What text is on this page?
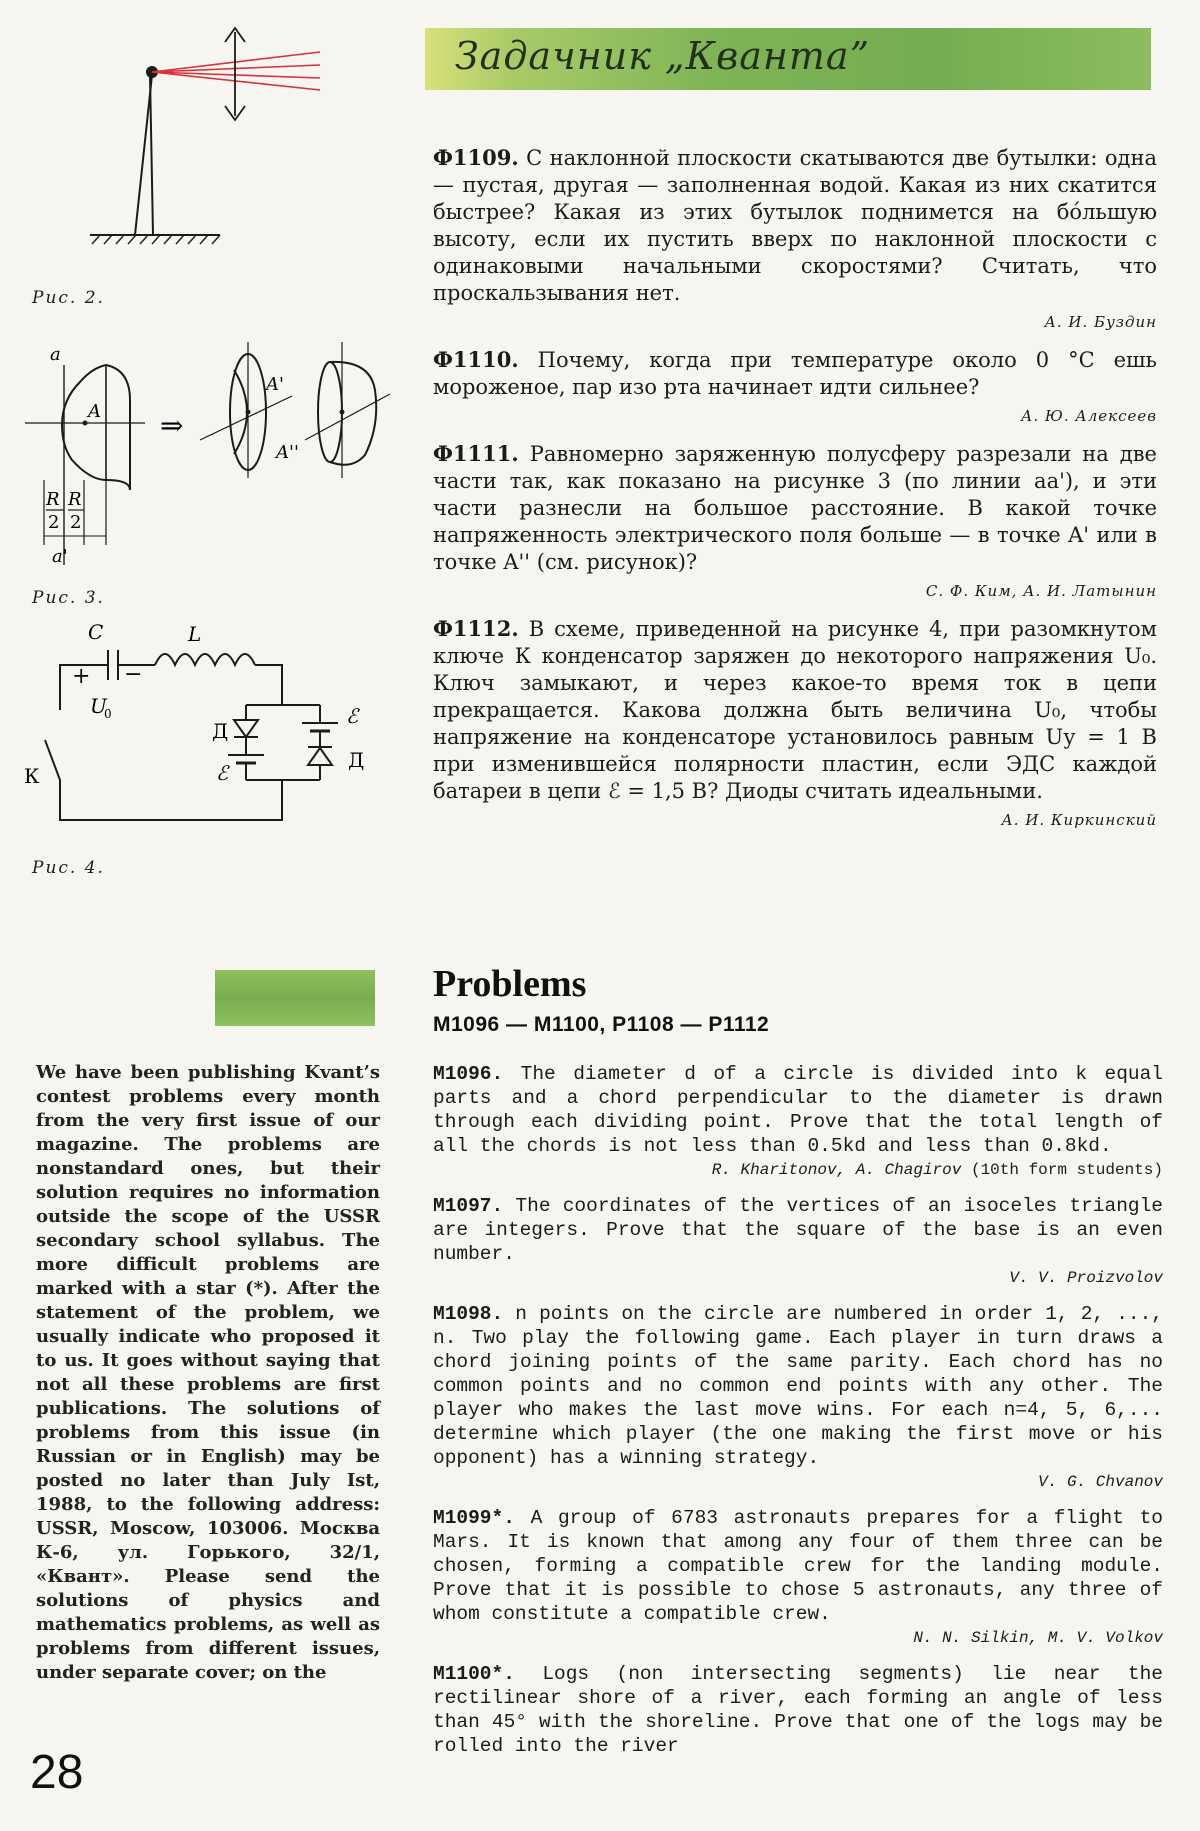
Рис. 2.
a
A
R
2
R
2
a'
⇒
A'
A''
Рис. 3.
C	L
+ −
U
0
Д
ℰ
ℰ
Д
К
Рис. 4.
Задачник „Кванта”
Ф1109. С наклонной плоскости скатываются две бутылки: одна — пустая, другая — заполненная водой. Какая из них скатится быстрее? Какая из этих бутылок поднимется на бо́льшую высоту, если их пустить вверх по наклонной плоскости с одинаковыми начальными скоростями? Считать, что проскальзывания нет.
А. И. Буздин
Ф1110. Почему, когда при температуре около 0 °C ешь мороженое, пар изо рта начинает идти сильнее?
А. Ю. Алексеев
Ф1111. Равномерно заряженную полусферу разрезали на две части так, как показано на рисунке 3 (по линии aa'), и эти части разнесли на большое расстояние. В какой точке напряженность электрического поля больше — в точке A' или в точке A'' (см. рисунок)?
С. Ф. Ким, А. И. Латынин
Ф1112. В схеме, приведенной на рисунке 4, при разомкнутом ключе К конденсатор заряжен до некоторого напряжения U₀. Ключ замыкают, и через какое-то время ток в цепи прекращается. Какова должна быть величина U₀, чтобы напряжение на конденсаторе установилось равным Uу = 1 В при изменившейся полярности пластин, если ЭДС каждой батареи в цепи ℰ = 1,5 В? Диоды считать идеальными.
А. И. Киркинский
We have been publishing Kvant’s contest problems every month from the very first issue of our magazine. The problems are nonstandard ones, but their solution requires no information outside the scope of the USSR secondary school syllabus. The more difficult problems are marked with a star (*). After the statement of the problem, we usually indicate who proposed it to us. It goes without saying that not all these problems are first publications. The solutions of problems from this issue (in Russian or in English) may be posted no later than July Ist, 1988, to the following address: USSR, Moscow, 103006. Москва К-6, ул. Горького, 32/1, «Квант». Please send the solutions of physics and mathematics problems, as well as problems from different issues, under separate cover; on the
Problems
M1096 — M1100, P1108 — P1112
M1096. The diameter d of a circle is divided into k equal parts and a chord perpendicular to the diameter is drawn through each dividing point. Prove that the total length of all the chords is not less than 0.5kd and less than 0.8kd.
R. Kharitonov, A. Chagirov (10th form students)
M1097. The coordinates of the vertices of an isoceles triangle are integers. Prove that the square of the base is an even number.
V. V. Proizvolov
M1098. n points on the circle are numbered in order 1, 2, ..., n. Two play the following game. Each player in turn draws a chord joining points of the same parity. Each chord has no common points and no common end points with any other. The player who makes the last move wins. For each n=4, 5, 6,... determine which player (the one making the first move or his opponent) has a winning strategy.
V. G. Chvanov
M1099*. A group of 6783 astronauts prepares for a flight to Mars. It is known that among any four of them three can be chosen, forming a compatible crew for the landing module. Prove that it is possible to chose 5 astronauts, any three of whom constitute a compatible crew.
N. N. Silkin, M. V. Volkov
M1100*. Logs (non intersecting segments) lie near the rectilinear shore of a river, each forming an angle of less than 45° with the shoreline. Prove that one of the logs may be rolled into the river
28
